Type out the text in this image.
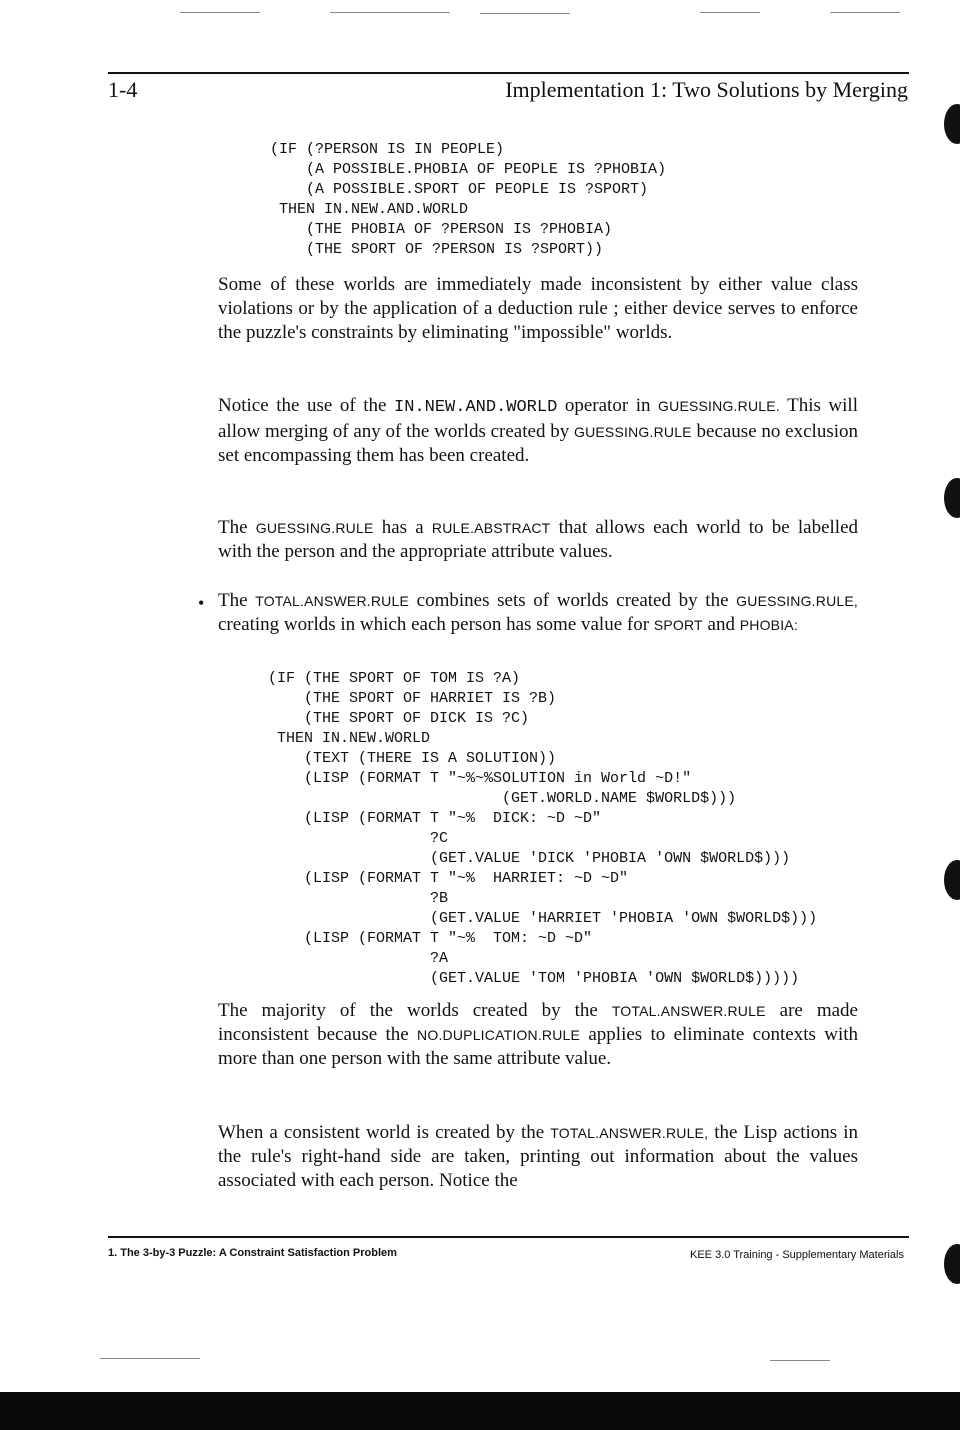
1-4	Implementation 1: Two Solutions by Merging
(IF (?PERSON IS IN PEOPLE)
(A POSSIBLE.PHOBIA OF PEOPLE IS ?PHOBIA)
(A POSSIBLE.SPORT OF PEOPLE IS ?SPORT)
THEN IN.NEW.AND.WORLD
(THE PHOBIA OF ?PERSON IS ?PHOBIA)
(THE SPORT OF ?PERSON IS ?SPORT))

Some of these worlds are immediately made inconsistent by either value class violations or by the application of a deduction rule ; either device serves to enforce the puzzle's constraints by eliminating "impossible" worlds.

Notice the use of the IN.NEW.AND.WORLD operator in GUESSING.RULE. This will allow merging of any of the worlds created by GUESSING.RULE because no exclusion set encompassing them has been created.

The GUESSING.RULE has a RULE.ABSTRACT that allows each world to be labelled with the person and the appropriate attribute values.

• The TOTAL.ANSWER.RULE combines sets of worlds created by the GUESSING.RULE, creating worlds in which each person has some value for SPORT and PHOBIA:

(IF (THE SPORT OF TOM IS ?A)
(THE SPORT OF HARRIET IS ?B)
(THE SPORT OF DICK IS ?C)
THEN IN.NEW.WORLD
(TEXT (THERE IS A SOLUTION))
(LISP (FORMAT T "~%~%SOLUTION in World ~D!"
(GET.WORLD.NAME $WORLD$)))
(LISP (FORMAT T "~%  DICK: ~D ~D"
?C
(GET.VALUE 'DICK 'PHOBIA 'OWN $WORLD$)))
(LISP (FORMAT T "~%  HARRIET: ~D ~D"
?B
(GET.VALUE 'HARRIET 'PHOBIA 'OWN $WORLD$)))
(LISP (FORMAT T "~%  TOM: ~D ~D"
?A
(GET.VALUE 'TOM 'PHOBIA 'OWN $WORLD$)))))

The majority of the worlds created by the TOTAL.ANSWER.RULE are made inconsistent because the NO.DUPLICATION.RULE applies to eliminate contexts with more than one person with the same attribute value.

When a consistent world is created by the TOTAL.ANSWER.RULE, the Lisp actions in the rule's right-hand side are taken, printing out information about the values associated with each person. Notice the

1. The 3-by-3 Puzzle: A Constraint Satisfaction Problem	KEE 3.0 Training - Supplementary Materials
